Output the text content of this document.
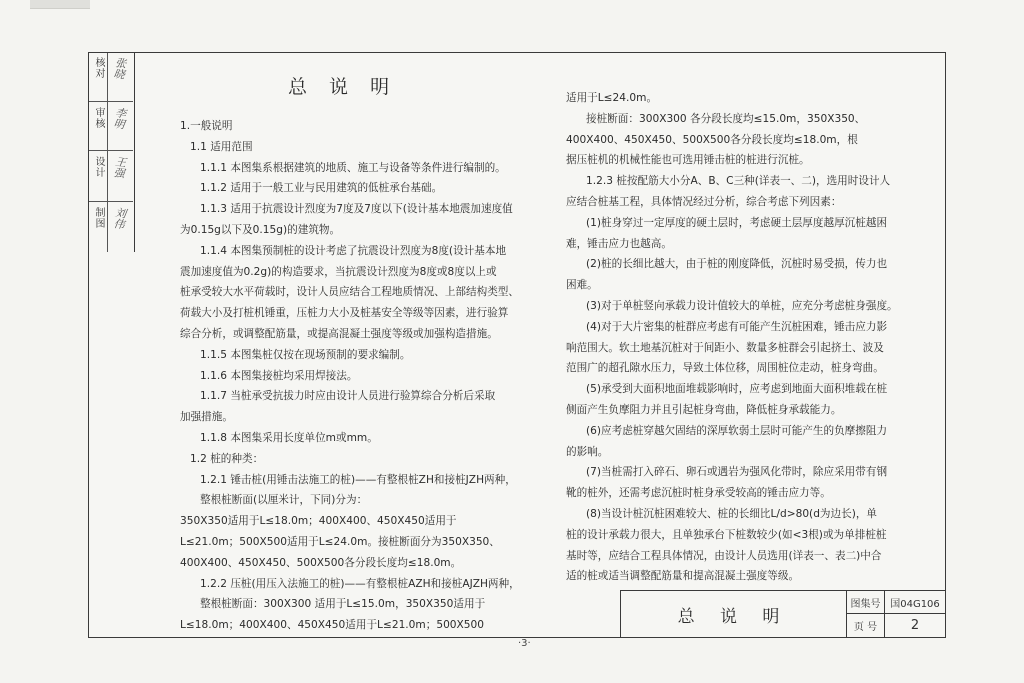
核对 张晓
审核 李明
设计 王强
制图 刘伟
总 说 明
1.一般说明
1.1 适用范围
1.1.1 本图集系根据建筑的地质、施工与设备等条件进行编制的。
1.1.2 适用于一般工业与民用建筑的低桩承台基础。
1.1.3 适用于抗震设计烈度为7度及7度以下(设计基本地震加速度值
为0.15g以下及0.15g)的建筑物。
1.1.4 本图集预制桩的设计考虑了抗震设计烈度为8度(设计基本地
震加速度值为0.2g)的构造要求，当抗震设计烈度为8度或8度以上或
桩承受较大水平荷载时，设计人员应结合工程地质情况、上部结构类型、
荷载大小及打桩机锤重，压桩力大小及桩基安全等级等因素，进行验算
综合分析，或调整配筋量，或提高混凝土强度等级或加强构造措施。
1.1.5 本图集桩仅按在现场预制的要求编制。
1.1.6 本图集接桩均采用焊接法。
1.1.7 当桩承受抗拔力时应由设计人员进行验算综合分析后采取
加强措施。
1.1.8 本图集采用长度单位m或mm。
1.2 桩的种类：
1.2.1 锤击桩(用锤击法施工的桩)——有整根桩ZH和接桩JZH两种，
整根桩断面(以厘米计，下同)分为：
350X350适用于L≤18.0m；400X400、450X450适用于
L≤21.0m；500X500适用于L≤24.0m。接桩断面分为350X350、
400X400、450X450、500X500各分段长度均≤18.0m。
1.2.2 压桩(用压入法施工的桩)——有整根桩AZH和接桩AJZH两种，
整根桩断面：300X300 适用于L≤15.0m，350X350适用于
L≤18.0m；400X400、450X450适用于L≤21.0m；500X500
适用于L≤24.0m。
接桩断面：300X300 各分段长度均≤15.0m，350X350、
400X400、450X450、500X500各分段长度均≤18.0m，根
据压桩机的机械性能也可选用锤击桩的桩进行沉桩。
1.2.3 桩按配筋大小分A、B、C三种(详表一、二)，选用时设计人
应结合桩基工程，具体情况经过分析，综合考虑下列因素：
(1)桩身穿过一定厚度的硬土层时，考虑硬土层厚度越厚沉桩越困
难，锤击应力也越高。
(2)桩的长细比越大，由于桩的刚度降低，沉桩时易受损，传力也
困难。
(3)对于单桩竖向承载力设计值较大的单桩，应充分考虑桩身强度。
(4)对于大片密集的桩群应考虑有可能产生沉桩困难，锤击应力影
响范围大。软土地基沉桩对于间距小、数量多桩群会引起挤土、波及
范围广的超孔隙水压力，导致土体位移，周围桩位走动，桩身弯曲。
(5)承受到大面积地面堆载影响时，应考虑到地面大面积堆载在桩
侧面产生负摩阻力并且引起桩身弯曲，降低桩身承载能力。
(6)应考虑桩穿越欠固结的深厚软弱土层时可能产生的负摩擦阻力
的影响。
(7)当桩需打入碎石、卵石或遇岩为强风化带时，除应采用带有钢
靴的桩外，还需考虑沉桩时桩身承受较高的锤击应力等。
(8)当设计桩沉桩困难较大、桩的长细比L/d>80(d为边长)，单
桩的设计承载力很大，且单独承台下桩数较少(如<3根)或为单排桩桩
基时等，应结合工程具体情况，由设计人员选用(详表一、表二)中合
适的桩或适当调整配筋量和提高混凝土强度等级。
总 说 明
图集号 国04G106
页 号	2
·3·
